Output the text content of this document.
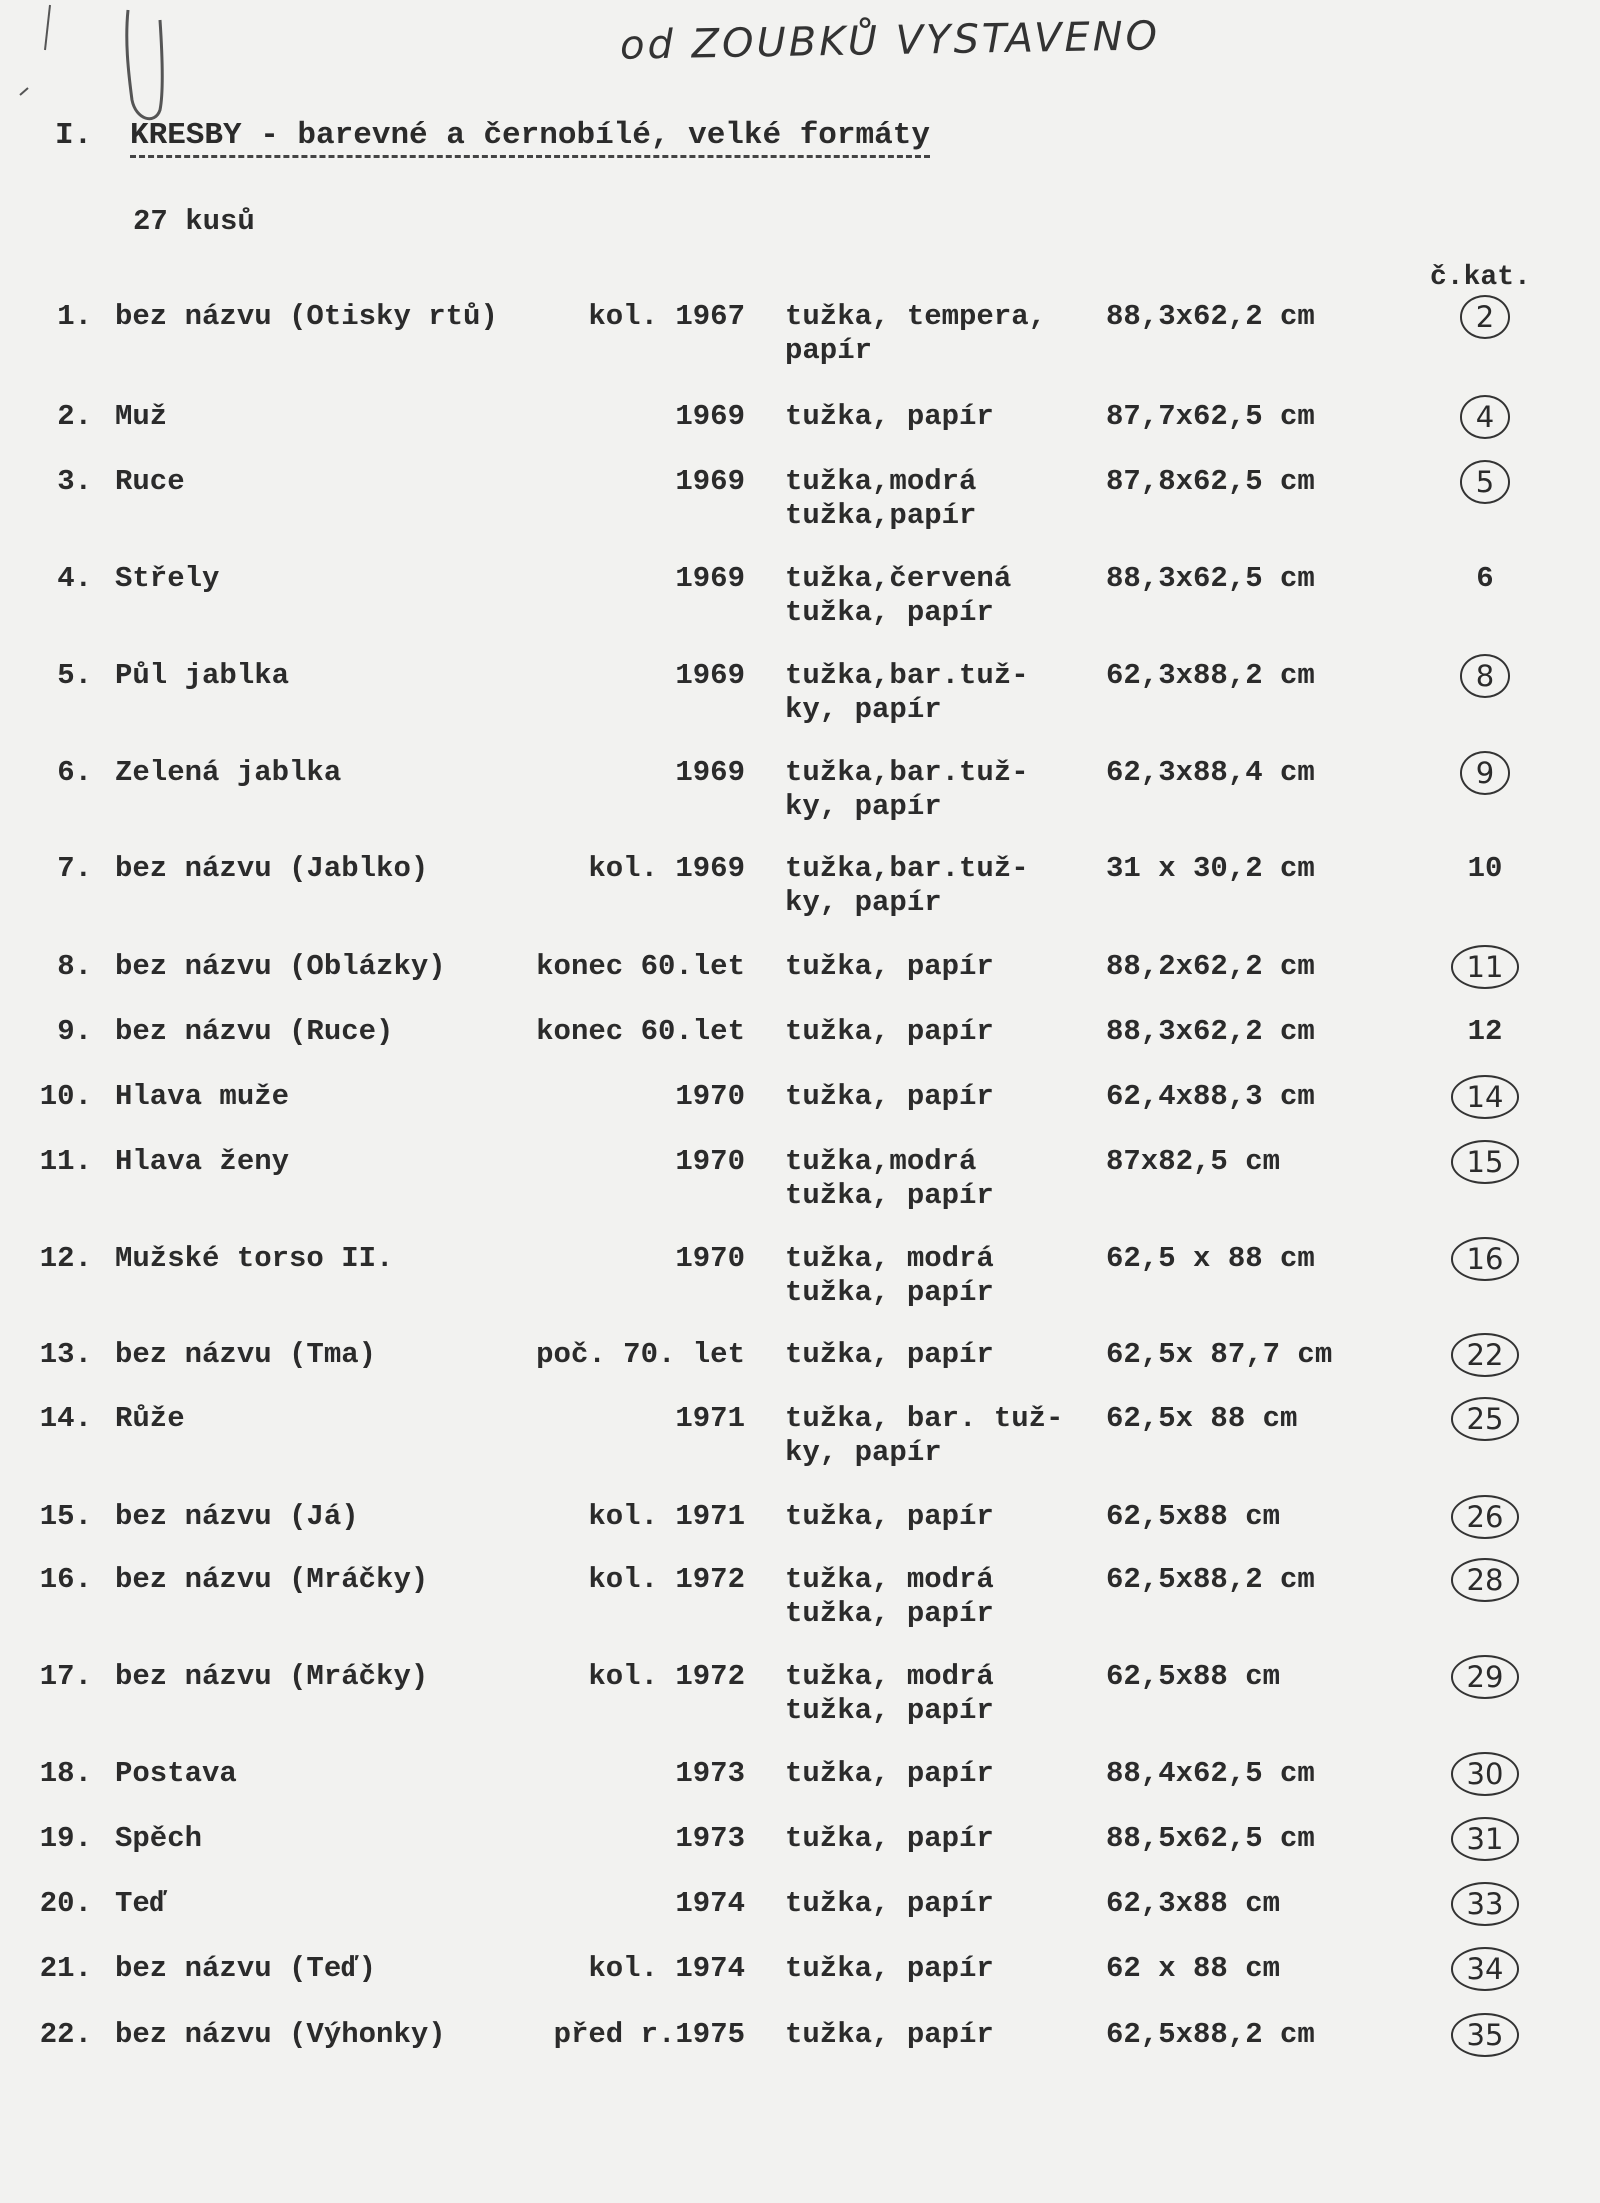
od ZOUBKŮ VYSTAVENO
I. KRESBY - barevné a černobílé, velké formáty
27 kusů
č.kat.
1. bez názvu (Otisky rtů)	kol. 1967 tužka, tempera,
papír
88,3x62,2 cm	2
2. Muž	1969 tužka, papír	87,7x62,5 cm	4
3. Ruce	1969 tužka,modrá
tužka,papír
87,8x62,5 cm	5
4. Střely	1969 tužka,červená
tužka, papír
88,3x62,5 cm	6
5. Půl jablka	1969 tužka,bar.tuž-
ky, papír
62,3x88,2 cm	8
6. Zelená jablka	1969 tužka,bar.tuž-
ky, papír
62,3x88,4 cm	9
7. bez názvu (Jablko)	kol. 1969 tužka,bar.tuž-
ky, papír
31 x 30,2 cm	10
8. bez názvu (Oblázky)	konec 60.let tužka, papír	88,2x62,2 cm	11
9. bez názvu (Ruce)	konec 60.let tužka, papír	88,3x62,2 cm	12
10. Hlava muže	1970 tužka, papír	62,4x88,3 cm	14
11. Hlava ženy	1970 tužka,modrá
tužka, papír
87x82,5 cm	15
12. Mužské torso II.	1970 tužka, modrá
tužka, papír
62,5 x 88 cm	16
13. bez názvu (Tma)	poč. 70. let tužka, papír	62,5x 87,7 cm	22
14. Růže	1971 tužka, bar. tuž-
ky, papír
62,5x 88 cm	25
15. bez názvu (Já)	kol. 1971 tužka, papír	62,5x88 cm	26
16. bez názvu (Mráčky)	kol. 1972 tužka, modrá
tužka, papír
62,5x88,2 cm	28
17. bez názvu (Mráčky)	kol. 1972 tužka, modrá
tužka, papír
62,5x88 cm	29
18. Postava	1973 tužka, papír	88,4x62,5 cm	30
19. Spěch	1973 tužka, papír	88,5x62,5 cm	31
20. Teď	1974 tužka, papír	62,3x88 cm	33
21. bez názvu (Teď)	kol. 1974 tužka, papír	62 x 88 cm	34
22. bez názvu (Výhonky)	před r.1975 tužka, papír	62,5x88,2 cm	35
